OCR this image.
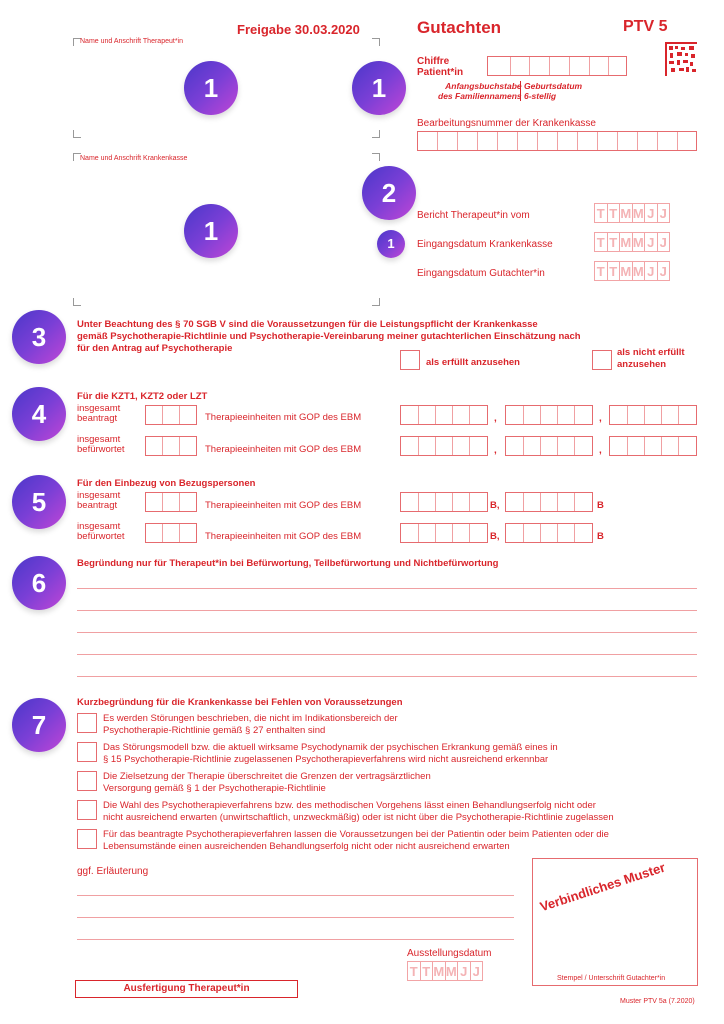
Freigabe 30.03.2020	Gutachten	PTV 5
Name und Anschrift Therapeut*in
1
Name und Anschrift Krankenkasse
1
1
Chiffre
Patient*in
Anfangsbuchstabe
des Familiennamens
Geburtsdatum
6-stellig
Bearbeitungsnummer der Krankenkasse
2
Bericht Therapeut*in vom	T T M M J J
1	Eingangsdatum Krankenkasse	T T M M J J
Eingangsdatum Gutachter*in	T T M M J J
3	Unter Beachtung des § 70 SGB V sind die Voraussetzungen für die Leistungspflicht der Krankenkasse
gemäß Psychotherapie-Richtlinie und Psychotherapie-Vereinbarung meiner gutachterlichen Einschätzung nach
für den Antrag auf Psychotherapie
als erfüllt anzusehen
als nicht erfüllt
anzusehen
4
Für die KZT1, KZT2 oder LZT
insgesamt
beantragt	Therapieeinheiten mit GOP des EBM	,	,
insgesamt
befürwortet	Therapieeinheiten mit GOP des EBM	,	,
5
Für den Einbezug von Bezugspersonen
insgesamt
beantragt	Therapieeinheiten mit GOP des EBM	B,	B
insgesamt
befürwortet	Therapieeinheiten mit GOP des EBM	B,	B
6
Begründung nur für Therapeut*in bei Befürwortung, Teilbefürwortung und Nichtbefürwortung
7
Kurzbegründung für die Krankenkasse bei Fehlen von Voraussetzungen
Es werden Störungen beschrieben, die nicht im Indikationsbereich der
Psychotherapie-Richtlinie gemäß § 27 enthalten sind
Das Störungsmodell bzw. die aktuell wirksame Psychodynamik der psychischen Erkrankung gemäß eines in
§ 15 Psychotherapie-Richtlinie zugelassenen Psychotherapieverfahrens wird nicht ausreichend erkennbar
Die Zielsetzung der Therapie überschreitet die Grenzen der vertragsärztlichen
Versorgung gemäß § 1 der Psychotherapie-Richtlinie
Die Wahl des Psychotherapieverfahrens bzw. des methodischen Vorgehens lässt einen Behandlungserfolg nicht oder
nicht ausreichend erwarten (unwirtschaftlich, unzweckmäßig) oder ist nicht über die Psychotherapie-Richtlinie zugelassen
Für das beantragte Psychotherapieverfahren lassen die Voraussetzungen bei der Patientin oder beim Patienten oder die
Lebensumstände einen ausreichenden Behandlungserfolg nicht oder nicht ausreichend erwarten
ggf. Erläuterung
Ausstellungsdatum
T T M M J J
Verbindliches Muster
Stempel / Unterschrift Gutachter*in
Ausfertigung Therapeut*in
Muster PTV 5a (7.2020)
